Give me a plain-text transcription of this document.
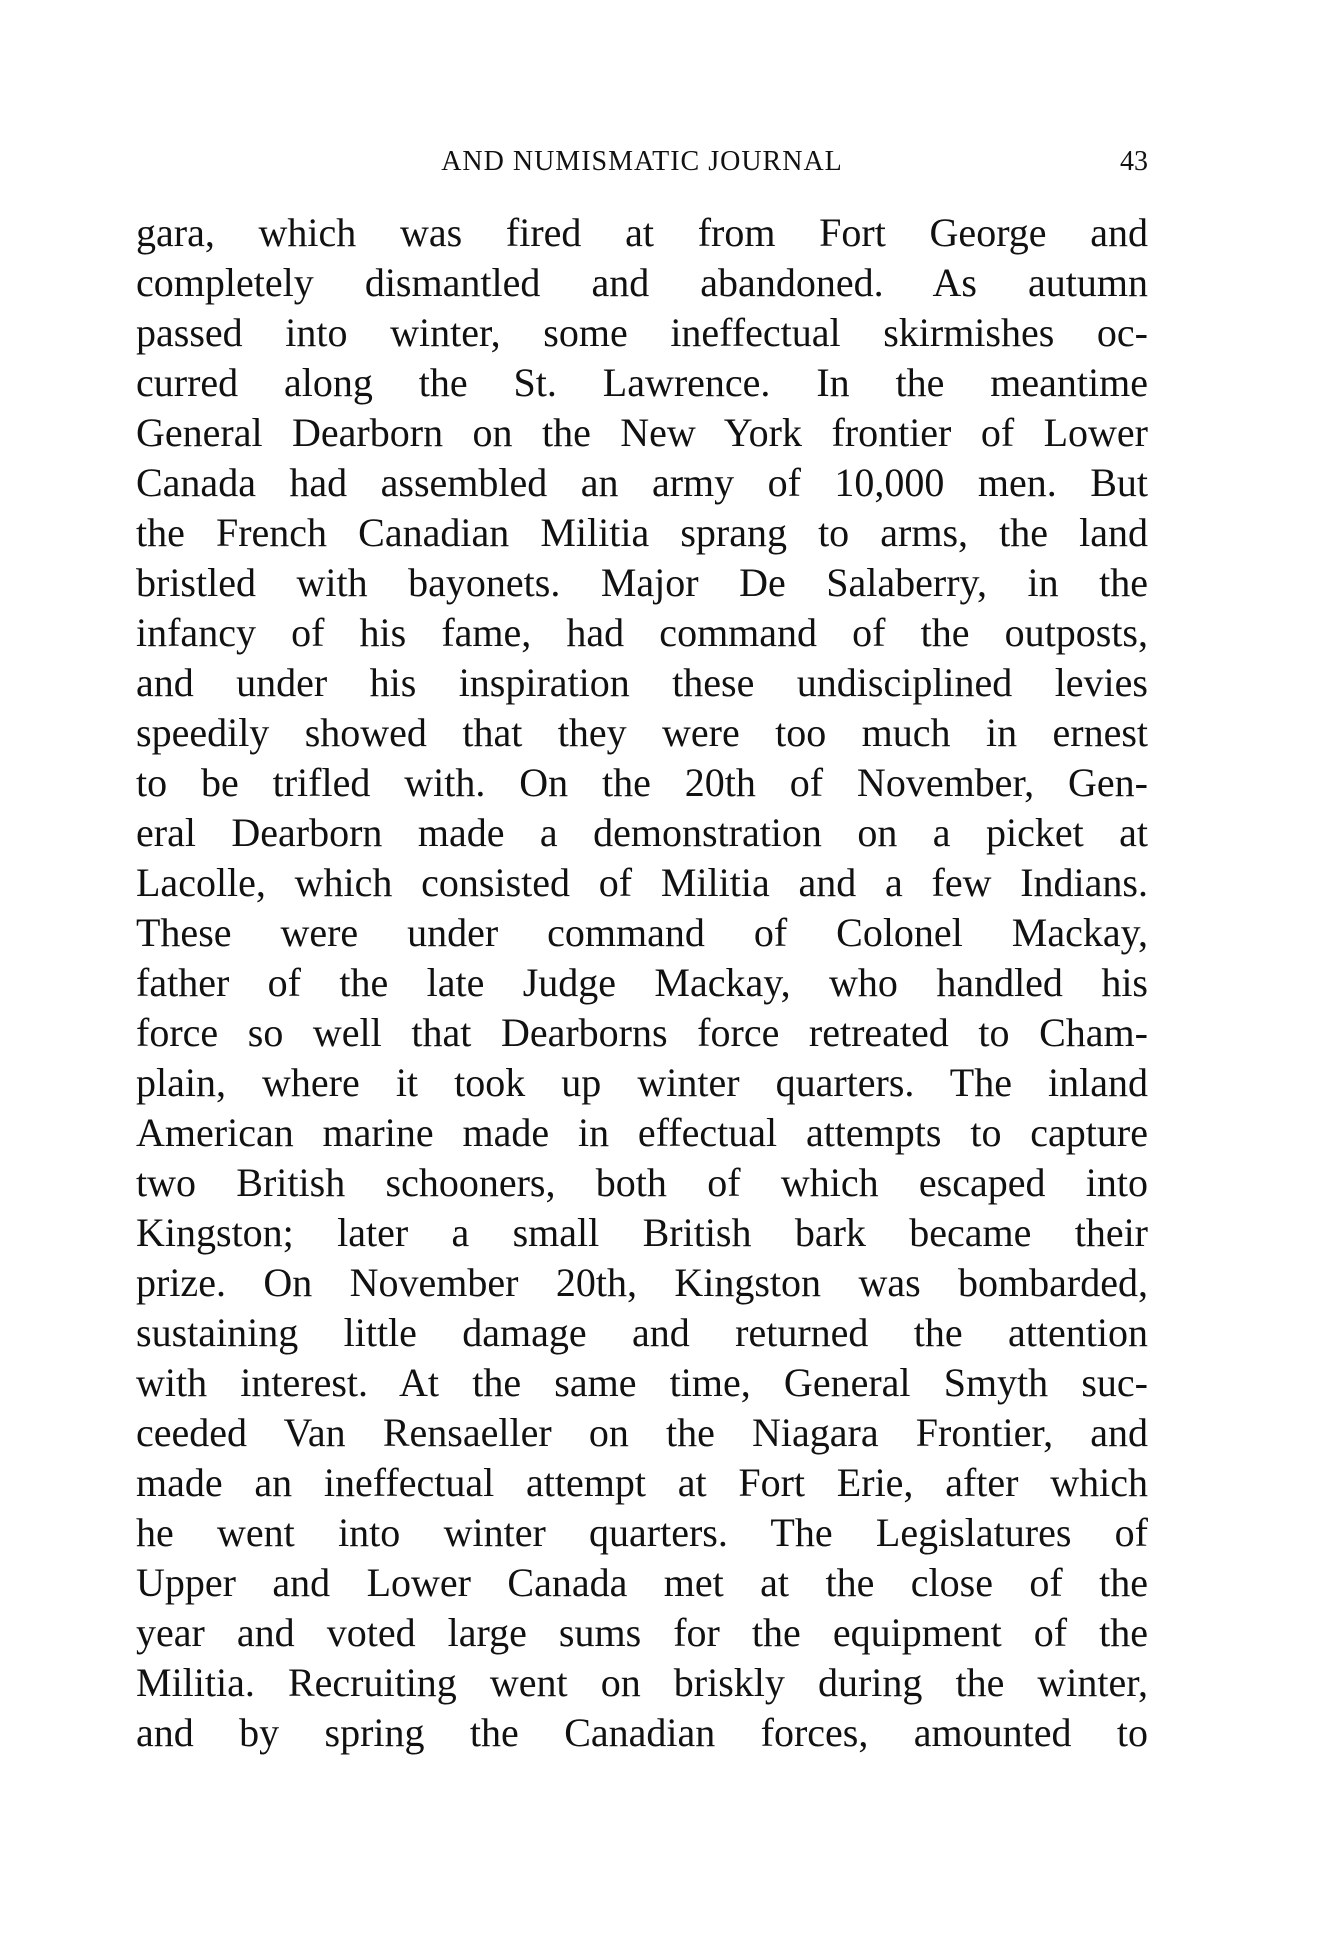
AND NUMISMATIC JOURNAL	43
gara, which was fired at from Fort George and
completely dismantled and abandoned. As autumn
passed into winter, some ineffectual skirmishes oc-
curred along the St. Lawrence. In the meantime
General Dearborn on the New York frontier of Lower
Canada had assembled an army of 10,000 men. But
the French Canadian Militia sprang to arms, the land
bristled with bayonets. Major De Salaberry, in the
infancy of his fame, had command of the outposts,
and under his inspiration these undisciplined levies
speedily showed that they were too much in ernest
to be trifled with. On the 20th of November, Gen-
eral Dearborn made a demonstration on a picket at
Lacolle, which consisted of Militia and a few Indians.
These were under command of Colonel Mackay,
father of the late Judge Mackay, who handled his
force so well that Dearborns force retreated to Cham-
plain, where it took up winter quarters. The inland
American marine made in effectual attempts to capture
two British schooners, both of which escaped into
Kingston; later a small British bark became their
prize. On November 20th, Kingston was bombarded,
sustaining little damage and returned the attention
with interest. At the same time, General Smyth suc-
ceeded Van Rensaeller on the Niagara Frontier, and
made an ineffectual attempt at Fort Erie, after which
he went into winter quarters. The Legislatures of
Upper and Lower Canada met at the close of the
year and voted large sums for the equipment of the
Militia. Recruiting went on briskly during the winter,
and by spring the Canadian forces, amounted to
